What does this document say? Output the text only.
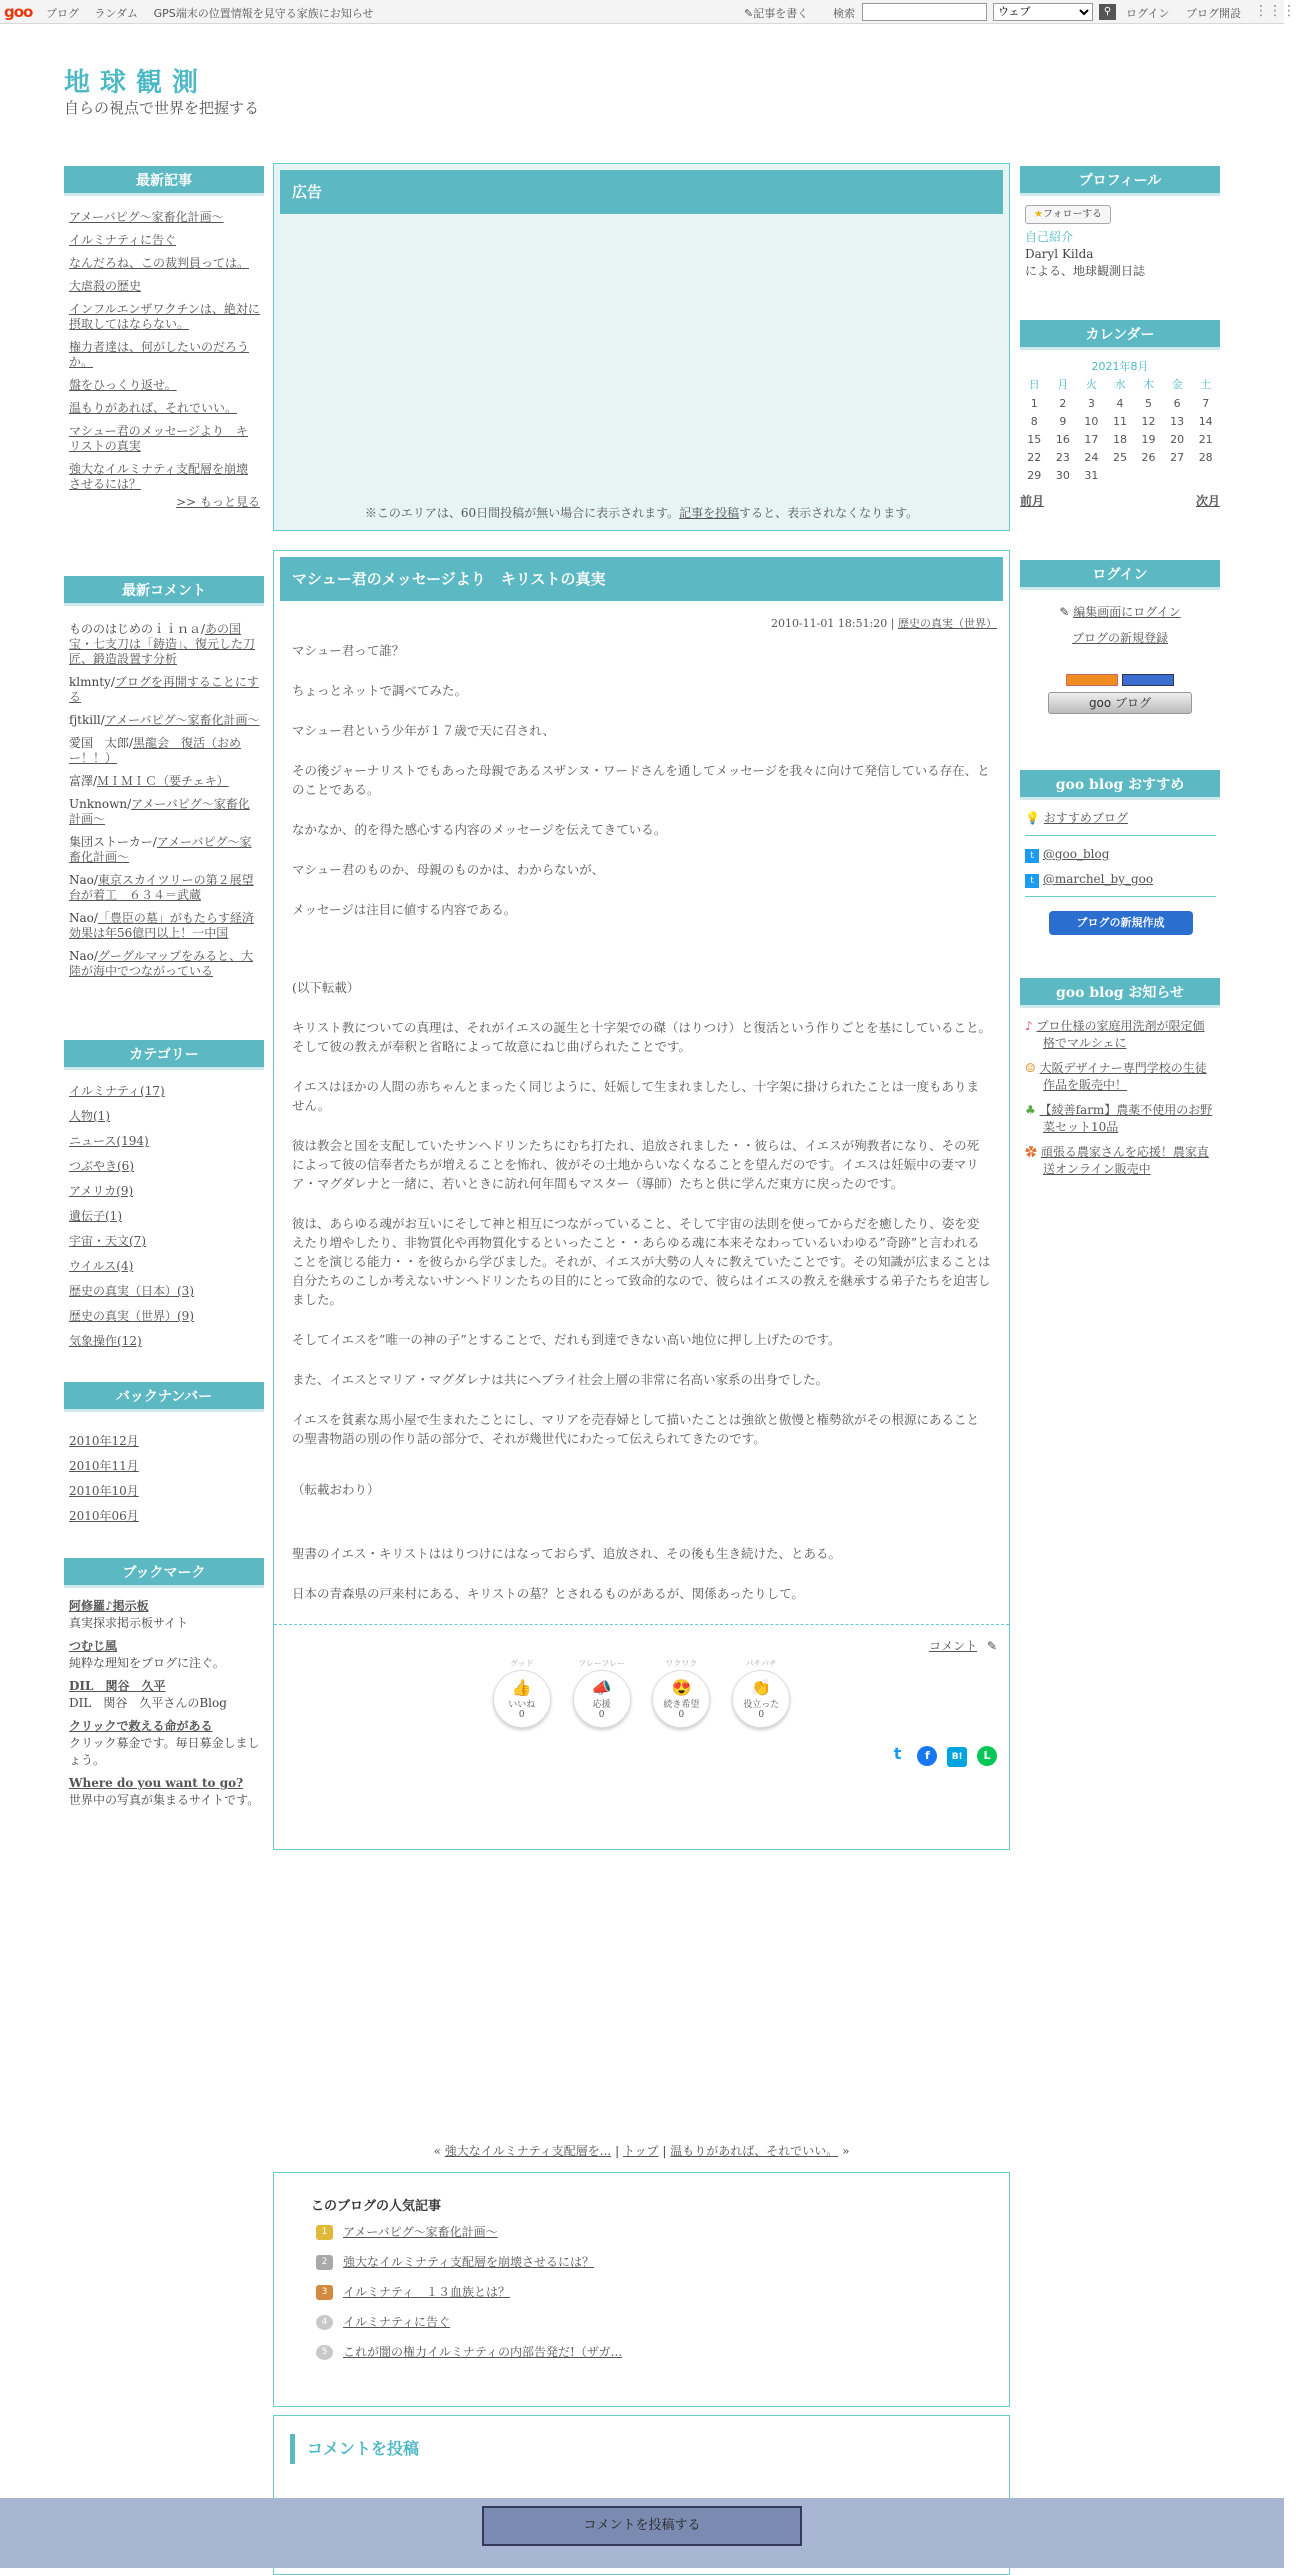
goo ブログ ランダム GPS端末の位置情報を見守る家族にお知らせ	✎記事を書く 検索
ウェブ	⚲	ログイン ブログ開設 ⋮⋮⋮
地球観測
自らの視点で世界を把握する
最新記事
アメーバピグ～家畜化計画～
イルミナティに告ぐ
なんだろね、この裁判員っては。
大虐殺の歴史
インフルエンザワクチンは、絶対に摂取してはならない。
権力者達は、何がしたいのだろうか。
盤をひっくり返せ。
温もりがあれば、それでいい。
マシュー君のメッセージより　キリストの真実
強大なイルミナティ支配層を崩壊させるには？
>> もっと見る
最新コメント
もののはじめのｉｉｎａ/あの国宝・七支刀は「鋳造」、復元した刀匠、鍛造設置す分析
klmnty/ブログを再開することにする
fjtkill/アメーバピグ～家畜化計画～
愛国　太郎/黒龍会　復活（おめー！！）
富澤/ＭＩＭＩＣ（要チェキ）
Unknown/アメーバピグ～家畜化計画～
集団ストーカー/アメーバピグ～家畜化計画～
Nao/東京スカイツリーの第２展望台が着工　６３４＝武蔵
Nao/「豊臣の墓」がもたらす経済効果は年56億円以上！一中国
Nao/グーグルマップをみると、大陸が海中でつながっている
カテゴリー
イルミナティ(17)
人物(1)
ニュース(194)
つぶやき(6)
アメリカ(9)
遺伝子(1)
宇宙・天文(7)
ウイルス(4)
歴史の真実（日本）(3)
歴史の真実（世界）(9)
気象操作(12)
バックナンバー
2010年12月
2010年11月
2010年10月
2010年06月
ブックマーク
阿修羅♪掲示板
真実探求掲示板サイト
つむじ風
純粋な理知をブログに注ぐ。
DIL　関谷　久平
DIL　関谷　久平さんのBlog
クリックで救える命がある
クリック募金です。毎日募金しましょう。
Where do you want to go?
世界中の写真が集まるサイトです。
広告
※このエリアは、60日間投稿が無い場合に表示されます。記事を投稿すると、表示されなくなります。
マシュー君のメッセージより　キリストの真実
2010-11-01 18:51:20 | 歴史の真実（世界）

マシュー君って誰？

ちょっとネットで調べてみた。

マシュー君という少年が１７歳で天に召され、

その後ジャーナリストでもあった母親であるスザンヌ・ワードさんを通してメッセージを我々に向けて発信している存在、とのことである。

なかなか、的を得た感心する内容のメッセージを伝えてきている。

マシュー君のものか、母親のものかは、わからないが、

メッセージは注目に値する内容である。

(以下転載）

キリスト教についての真理は、それがイエスの誕生と十字架での磔（はりつけ）と復活という作りごとを基にしていること。そして彼の教えが奉釈と省略によって故意にねじ曲げられたことです。

イエスはほかの人間の赤ちゃんとまったく同じように、妊娠して生まれましたし、十字架に掛けられたことは一度もありません。

彼は教会と国を支配していたサンヘドリンたちにむち打たれ、追放されました・・彼らは、イエスが殉教者になり、その死によって彼の信奉者たちが増えることを怖れ、彼がその土地からいなくなることを望んだのです。イエスは妊娠中の妻マリア・マグダレナと一緒に、若いときに訪れ何年間もマスター（導師）たちと供に学んだ東方に戻ったのです。

彼は、あらゆる魂がお互いにそして神と相互につながっていること、そして宇宙の法則を使ってからだを癒したり、姿を変えたり増やしたり、非物質化や再物質化するといったこと・・あらゆる魂に本来そなわっているいわゆる”奇跡”と言われることを演じる能力・・を彼らから学びました。それが、イエスが大勢の人々に教えていたことです。その知識が広まることは自分たちのこしか考えないサンヘドリンたちの目的にとって致命的なので、彼らはイエスの教えを継承する弟子たちを迫害しました。

そしてイエスを”唯一の神の子”とすることで、だれも到達できない高い地位に押し上げたのです。

また、イエスとマリア・マグダレナは共にヘブライ社会上層の非常に名高い家系の出身でした。

イエスを貧素な馬小屋で生まれたことにし、マリアを売春婦として描いたことは強欲と傲慢と権勢欲がその根源にあることの聖書物語の別の作り話の部分で、それが幾世代にわたって伝えられてきたのです。

（転載おわり）

聖書のイエス・キリストははりつけにはなっておらず、追放され、その後も生き続けた、とある。

日本の青森県の戸来村にある、キリストの墓？とされるものがあるが、関係あったりして。

コメント ✎
グッド
👍
いいね
0

フレーフレー
📣
応援
0

ワクワク
😍
続き希望
0

パチパチ
👏
役立った
0
t f B! L
« 強大なイルミナティ支配層を... | トップ | 温もりがあれば、それでいい。 »
このブログの人気記事
1 アメーバピグ～家畜化計画～
2 強大なイルミナティ支配層を崩壊させるには？
3 イルミナティ　１３血族とは？
4 イルミナティに告ぐ
5 これが闇の権力イルミナティの内部告発だ!（ザガ...
コメントを投稿
プロフィール
★フォローする
自己紹介
Daryl Kilda
による、地球観測日誌
カレンダー
2021年8月
日	月	火	水	木	金	土
1	2	3	4	5	6	7
8	9	10	11	12	13	14
15	16	17	18	19	20	21
22	23	24	25	26	27	28
29	30	31				
前月	次月
ログイン
✎ 編集画面にログイン
ブログの新規登録

goo ブログ
goo blog おすすめ
💡 おすすめブログ
t @goo_blog
t @marchel_by_goo
ブログの新規作成
goo blog お知らせ
♪ プロ仕様の家庭用洗剤が限定価格でマルシェに
☺ 大阪デザイナー専門学校の生徒作品を販売中！
♣ 【綾善farm】農薬不使用のお野菜セット10品
✿ 頑張る農家さんを応援！農家直送オンライン販売中
コメントを投稿する
